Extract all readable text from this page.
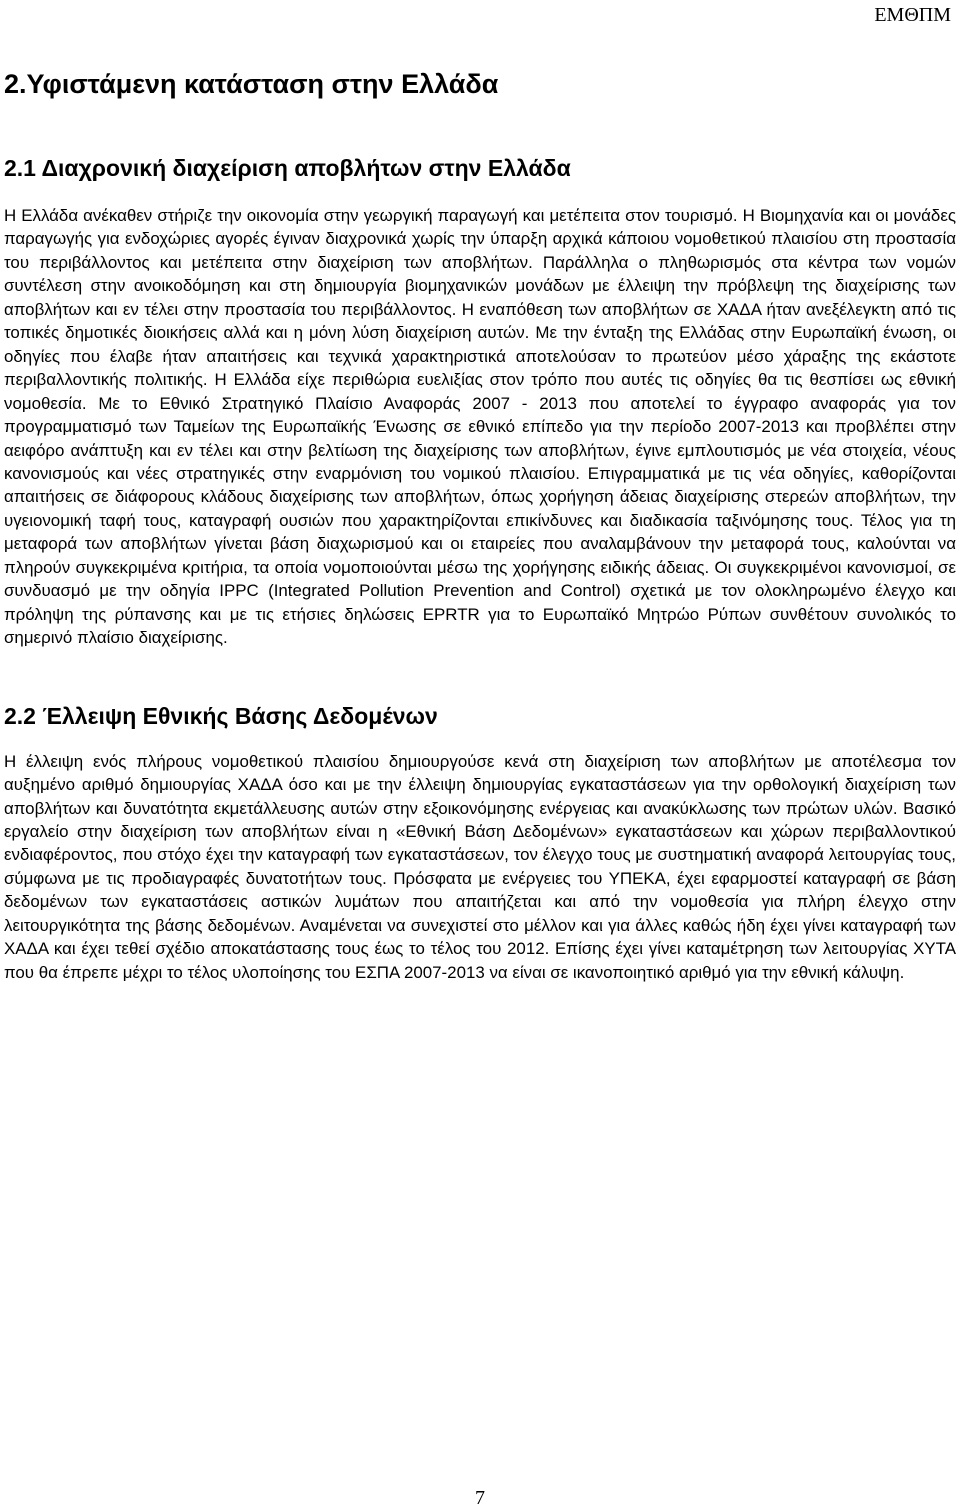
ΕΜΘΠΜ
2.Υφιστάμενη κατάσταση στην Ελλάδα
2.1 Διαχρονική διαχείριση αποβλήτων στην Ελλάδα

Η Ελλάδα ανέκαθεν στήριζε την οικονομία στην γεωργική παραγωγή και μετέπειτα στον τουρισμό. Η Βιομηχανία και οι μονάδες παραγωγής για ενδοχώριες αγορές έγιναν διαχρονικά χωρίς την ύπαρξη αρχικά κάποιου νομοθετικού πλαισίου στη προστασία του περιβάλλοντος και μετέπειτα στην διαχείριση των αποβλήτων. Παράλληλα ο πληθωρισμός στα κέντρα των νομών συντέλεση στην ανοικοδόμηση και στη δημιουργία βιομηχανικών μονάδων με έλλειψη την πρόβλεψη της διαχείρισης των αποβλήτων και εν τέλει στην προστασία του περιβάλλοντος. Η εναπόθεση των αποβλήτων σε ΧΑΔΑ ήταν ανεξέλεγκτη από τις τοπικές δημοτικές διοικήσεις αλλά και η μόνη λύση διαχείριση αυτών. Με την ένταξη της Ελλάδας στην Ευρωπαϊκή ένωση, οι οδηγίες που έλαβε ήταν απαιτήσεις και τεχνικά χαρακτηριστικά αποτελούσαν το πρωτεύον μέσο χάραξης της εκάστοτε περιβαλλοντικής πολιτικής. Η Ελλάδα είχε περιθώρια ευελιξίας στον τρόπο που αυτές τις οδηγίες θα τις θεσπίσει ως εθνική νομοθεσία. Με το Εθνικό Στρατηγικό Πλαίσιο Αναφοράς 2007 - 2013 που αποτελεί το έγγραφο αναφοράς για τον προγραμματισμό των Ταμείων της Ευρωπαϊκής Ένωσης σε εθνικό επίπεδο για την περίοδο 2007-2013 και προβλέπει στην αειφόρο ανάπτυξη και εν τέλει και στην βελτίωση της διαχείρισης των αποβλήτων, έγινε εμπλουτισμός με νέα στοιχεία, νέους κανονισμούς και νέες στρατηγικές στην εναρμόνιση του νομικού πλαισίου. Επιγραμματικά με τις νέα οδηγίες, καθορίζονται απαιτήσεις σε διάφορους κλάδους διαχείρισης των αποβλήτων, όπως χορήγηση άδειας διαχείρισης στερεών αποβλήτων, την υγειονομική ταφή τους, καταγραφή ουσιών που χαρακτηρίζονται επικίνδυνες και διαδικασία ταξινόμησης τους. Τέλος για τη μεταφορά των αποβλήτων γίνεται βάση διαχωρισμού και οι εταιρείες που αναλαμβάνουν την μεταφορά τους, καλούνται να πληρούν συγκεκριμένα κριτήρια, τα οποία νομοποιούνται μέσω της χορήγησης ειδικής άδειας. Οι συγκεκριμένοι κανονισμοί, σε συνδυασμό με την οδηγία IPPC (Integrated Pollution Prevention and Control) σχετικά με τον ολοκληρωμένο έλεγχο και πρόληψη της ρύπανσης και με τις ετήσιες δηλώσεις EPRTR για το Ευρωπαϊκό Μητρώο Ρύπων συνθέτουν συνολικός το σημερινό πλαίσιο διαχείρισης.

2.2 Έλλειψη Εθνικής Βάσης Δεδομένων

Η έλλειψη ενός πλήρους νομοθετικού πλαισίου δημιουργούσε κενά στη διαχείριση των αποβλήτων με αποτέλεσμα τον αυξημένο αριθμό δημιουργίας ΧΑΔΑ όσο και με την έλλειψη δημιουργίας εγκαταστάσεων για την ορθολογική διαχείριση των αποβλήτων και δυνατότητα εκμετάλλευσης αυτών στην εξοικονόμησης ενέργειας και ανακύκλωσης των πρώτων υλών. Βασικό εργαλείο στην διαχείριση των αποβλήτων είναι η «Εθνική Βάση Δεδομένων» εγκαταστάσεων και χώρων περιβαλλοντικού ενδιαφέροντος, που στόχο έχει την καταγραφή των εγκαταστάσεων, τον έλεγχο τους με συστηματική αναφορά λειτουργίας τους, σύμφωνα με τις προδιαγραφές δυνατοτήτων τους. Πρόσφατα με ενέργειες του ΥΠΕΚΑ, έχει εφαρμοστεί καταγραφή σε βάση δεδομένων των εγκαταστάσεις αστικών λυμάτων που απαιτήζεται και από την νομοθεσία για πλήρη έλεγχο στην λειτουργικότητα της βάσης δεδομένων. Αναμένεται να συνεχιστεί στο μέλλον και για άλλες καθώς ήδη έχει γίνει καταγραφή των ΧΑΔΑ και έχει τεθεί σχέδιο αποκατάστασης τους έως το τέλος του 2012. Επίσης έχει γίνει καταμέτρηση των λειτουργίας ΧΥΤΑ που θα έπρεπε μέχρι το τέλος υλοποίησης του ΕΣΠΑ 2007-2013 να είναι σε ικανοποιητικό αριθμό για την εθνική κάλυψη.

7
